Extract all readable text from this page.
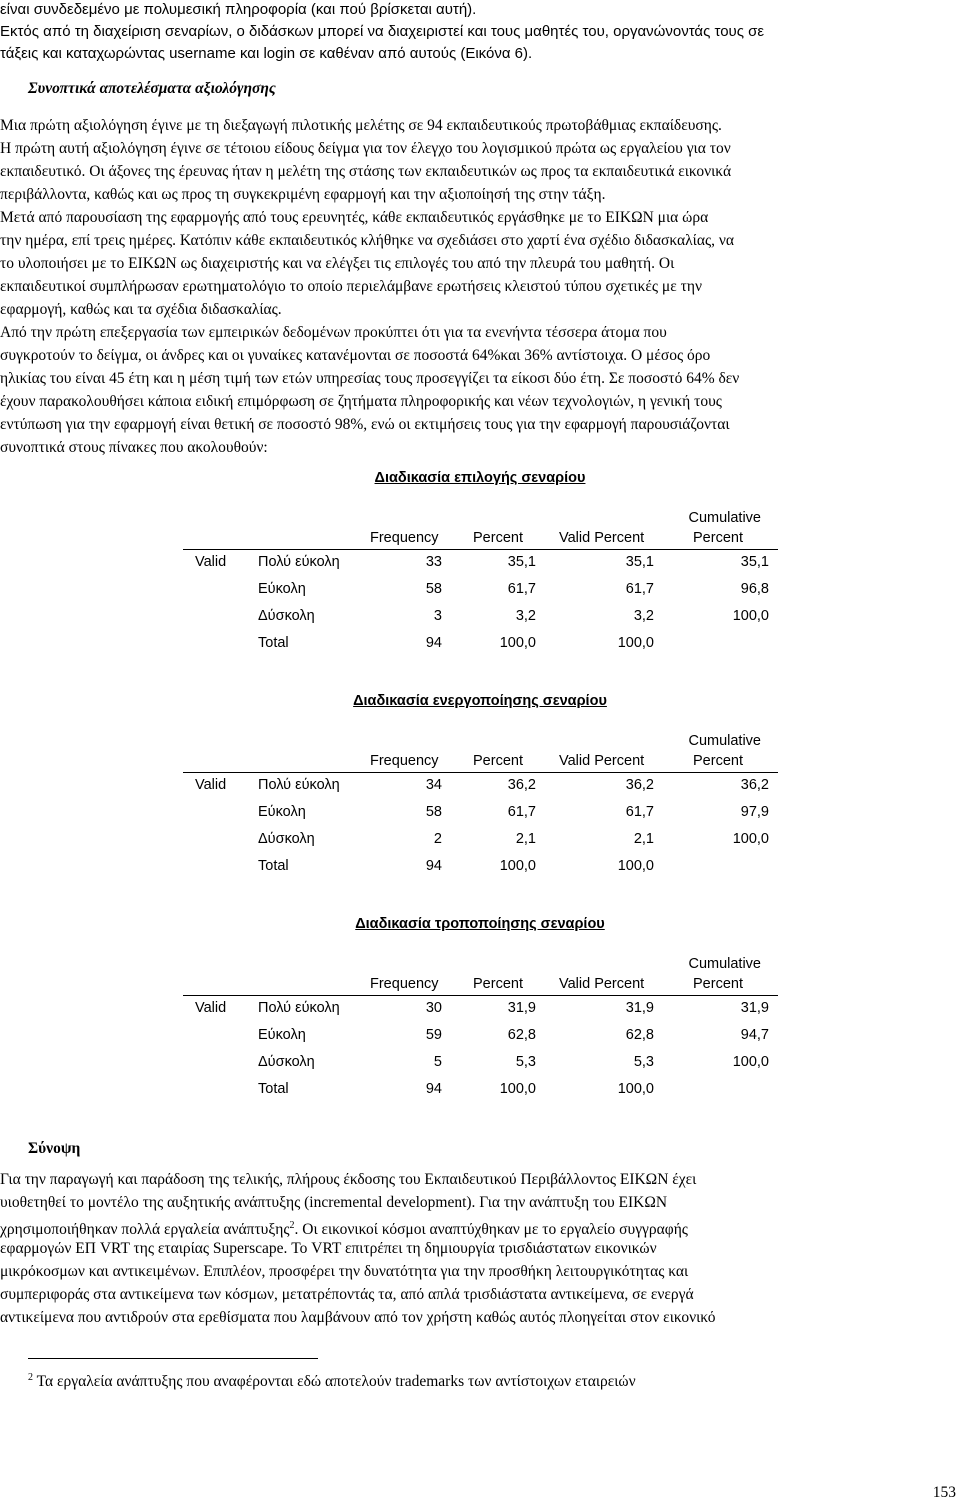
είναι συνδεδεμένο με πολυμεσική πληροφορία (και πού βρίσκεται αυτή).
Εκτός από τη διαχείριση σεναρίων, ο διδάσκων μπορεί να διαχειριστεί και τους μαθητές του, οργανώνοντάς τους σε
τάξεις και καταχωρώντας username και login σε καθέναν από αυτούς (Εικόνα 6).
Συνοπτικά αποτελέσματα αξιολόγησης
Μια πρώτη αξιολόγηση έγινε με τη διεξαγωγή πιλοτικής μελέτης σε 94 εκπαιδευτικούς πρωτοβάθμιας εκπαίδευσης.
Η πρώτη αυτή αξιολόγηση έγινε σε τέτοιου είδους δείγμα για τον έλεγχο του λογισμικού πρώτα ως εργαλείου για τον
εκπαιδευτικό. Οι άξονες της έρευνας ήταν η μελέτη της στάσης των εκπαιδευτικών ως προς τα εκπαιδευτικά εικονικά
περιβάλλοντα, καθώς και ως προς τη συγκεκριμένη εφαρμογή και την αξιοποίησή της στην τάξη.
Μετά από παρουσίαση της εφαρμογής από τους ερευνητές, κάθε εκπαιδευτικός εργάσθηκε με το ΕΙΚΩΝ μια ώρα
την ημέρα, επί τρεις ημέρες. Κατόπιν κάθε εκπαιδευτικός κλήθηκε να σχεδιάσει στο χαρτί ένα σχέδιο διδασκαλίας, να
το υλοποιήσει με το ΕΙΚΩΝ ως διαχειριστής και να ελέγξει τις επιλογές του από την πλευρά του μαθητή. Οι
εκπαιδευτικοί συμπλήρωσαν ερωτηματολόγιο το οποίο περιελάμβανε ερωτήσεις κλειστού τύπου σχετικές με την
εφαρμογή, καθώς και τα σχέδια διδασκαλίας.
Από την πρώτη επεξεργασία των εμπειρικών δεδομένων προκύπτει ότι για τα ενενήντα τέσσερα άτομα που
συγκροτούν το δείγμα, οι άνδρες και οι γυναίκες κατανέμονται σε ποσοστά 64%και 36% αντίστοιχα. Ο μέσος όρο
ηλικίας του είναι 45 έτη και η μέση τιμή των ετών υπηρεσίας τους προσεγγίζει τα είκοσι δύο έτη. Σε ποσοστό 64% δεν
έχουν παρακολουθήσει κάποια ειδική επιμόρφωση σε ζητήματα πληροφορικής και νέων τεχνολογιών, η γενική τους
εντύπωση για την εφαρμογή είναι θετική σε ποσοστό 98%, ενώ οι εκτιμήσεις τους για την εφαρμογή παρουσιάζονται
συνοπτικά στους πίνακες που ακολουθούν:
Διαδικασία επιλογής σεναρίου
Cumulative
Frequency Percent Valid Percent	Percent
Valid Πολύ εύκολη	33	35,1	35,1	35,1
Εύκολη	58	61,7	61,7	96,8
Δύσκολη	3	3,2	3,2	100,0
Total	94	100,0	100,0
Διαδικασία ενεργοποίησης σεναρίου
Cumulative
Frequency Percent Valid Percent	Percent
Valid Πολύ εύκολη	34	36,2	36,2	36,2
Εύκολη	58	61,7	61,7	97,9
Δύσκολη	2	2,1	2,1	100,0
Total	94	100,0	100,0
Διαδικασία τροποποίησης σεναρίου
Cumulative
Frequency Percent Valid Percent	Percent
Valid Πολύ εύκολη	30	31,9	31,9	31,9
Εύκολη	59	62,8	62,8	94,7
Δύσκολη	5	5,3	5,3	100,0
Total	94	100,0	100,0
Σύνοψη
Για την παραγωγή και παράδοση της τελικής, πλήρους έκδοσης του Εκπαιδευτικού Περιβάλλοντος ΕΙΚΩΝ έχει
υιοθετηθεί το μοντέλο της αυξητικής ανάπτυξης (incremental development). Για την ανάπτυξη του ΕΙΚΩΝ
χρησιμοποιήθηκαν πολλά εργαλεία ανάπτυξης$^2$. Οι εικονικοί κόσμοι αναπτύχθηκαν με το εργαλείο συγγραφής
εφαρμογών ΕΠ VRT της εταιρίας Superscape. Το VRT επιτρέπει τη δημιουργία τρισδιάστατων εικονικών
μικρόκοσμων και αντικειμένων. Επιπλέον, προσφέρει την δυνατότητα για την προσθήκη λειτουργικότητας και
συμπεριφοράς στα αντικείμενα των κόσμων, μετατρέποντάς τα, από απλά τρισδιάστατα αντικείμενα, σε ενεργά
αντικείμενα που αντιδρούν στα ερεθίσματα που λαμβάνουν από τον χρήστη καθώς αυτός πλοηγείται στον εικονικό
$^2$ Τα εργαλεία ανάπτυξης που αναφέρονται εδώ αποτελούν trademarks των αντίστοιχων εταιρειών
153
